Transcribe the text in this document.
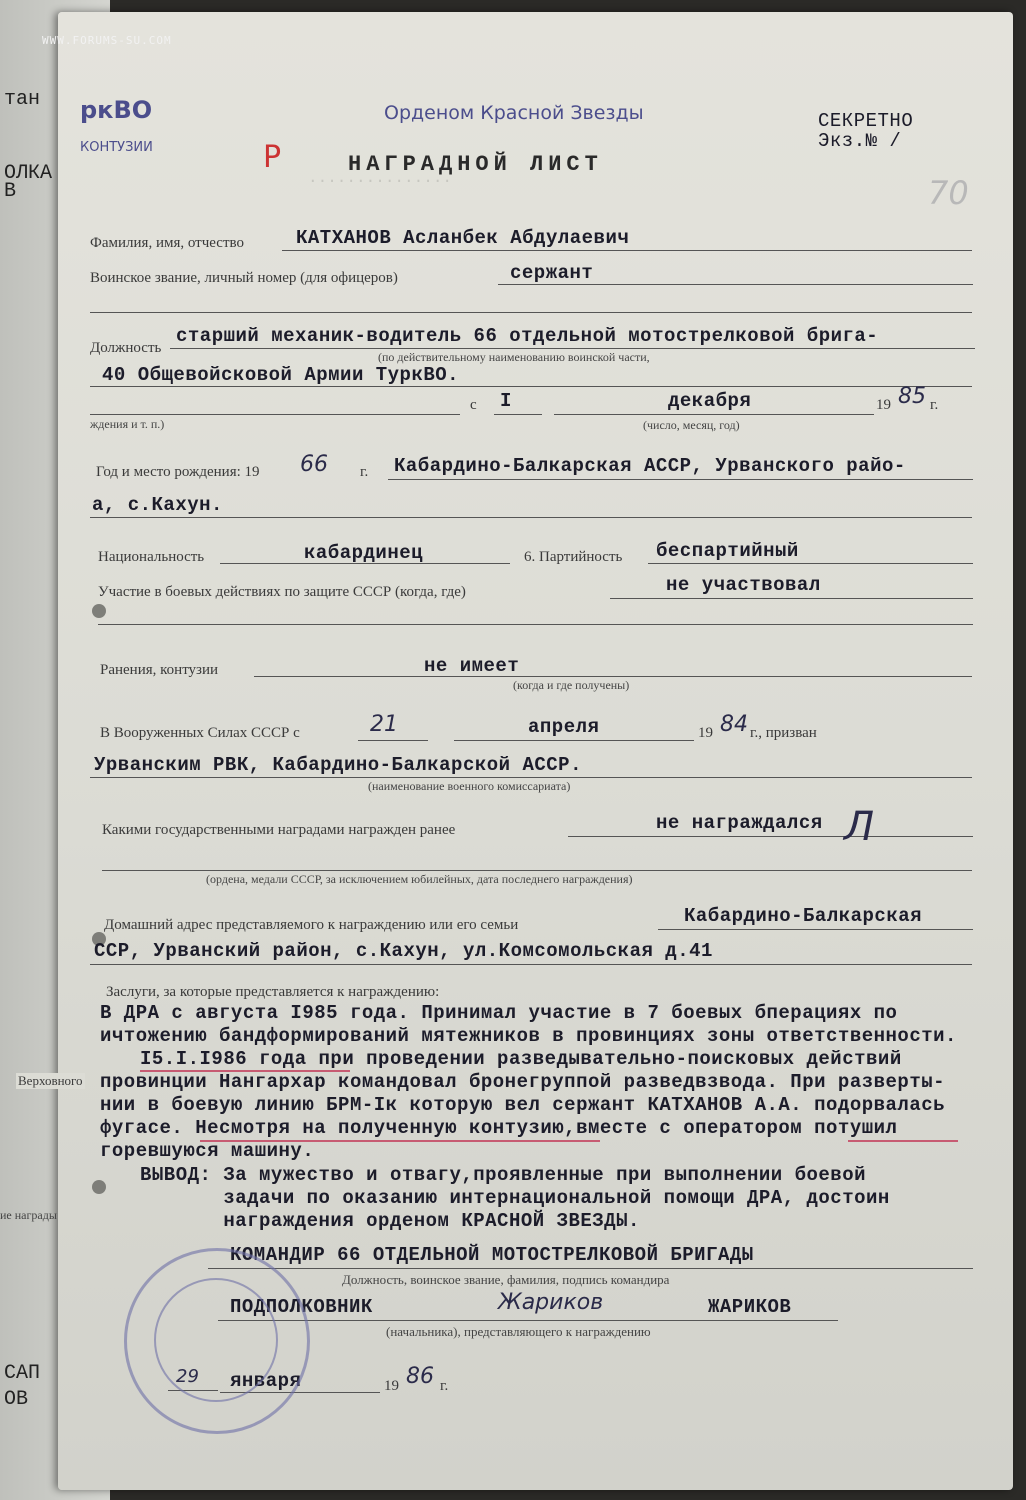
WWW.FORUMS-SU.COM
тан
ОЛКА
В
CАП
ОВ
···············
ркВО
КОНТУЗИИ
Орденом Красной Звезды
Р	НАГРАДНОЙ ЛИСТ
СЕКРЕТНО
Экз.№ /
70
Фамилия, имя, отчество	КАТХАНОВ Асланбек Абдулаевич
Воинское звание, личный номер (для офицеров)	сержант
Должность
старший механик-водитель 66 отдельной мотострелковой брига-
(по действительному наименованию воинской части,
40 Общевойсковой Армии ТуркВО.
с I	декабря	19 85 г.
ждения и т. п.)	(число, месяц, год)
Год и место рождения: 19 66 г. Кабардино-Балкарская АССР, Урванского райо-
а, с.Кахун.
Национальность	кабардинец	6. Партийность беспартийный
Участие в боевых действиях по защите СССР (когда, где)	не участвовал
Ранения, контузии	не имеет
(когда и где получены)
В Вооруженных Силах СССР с	21	апреля	19 84 г., призван
Урванским РВК, Кабардино-Балкарской АССР.
(наименование военного комиссариата)
Какими государственными наградами награжден ранее	не награждался Л
(ордена, медали СССР, за исключением юбилейных, дата последнего награждения)
Домашний адрес представляемого к награждению или его семьи	Кабардино-Балкарская
ССР, Урванский район, с.Кахун, ул.Комсомольская д.41
Заслуги, за которые представляется к награждению:
В ДРА с августа I985 года. Принимал участие в 7 боевых бперациях по
ичтожению бандформирований мятежников в провинциях зоны ответственности.
I5.I.I986 года при проведении разведывательно-поисковых действий
провинции Нангархар командовал бронегруппой разведвзвода. При разверты-
нии в боевую линию БРМ-Iк которую вел сержант КАТХАНОВ А.А. подорвалась
фугасе. Несмотря на полученную контузию,вместе с оператором потушил
горевшуюся машину.
ВЫВОД: За мужество и отвагу,проявленные при выполнении боевой
задачи по оказанию интернациональной помощи ДРА, достоин
награждения орденом КРАСНОЙ ЗВЕЗДЫ.
КОМАНДИР 66 ОТДЕЛЬНОЙ МОТОСТРЕЛКОВОЙ БРИГАДЫ
Должность, воинское звание, фамилия, подпись командира
ПОДПОЛКОВНИК	Жариков	ЖАРИКОВ
(начальника), представляющего к награждению
29 января	19 86 г.
Верховного
ие награды
